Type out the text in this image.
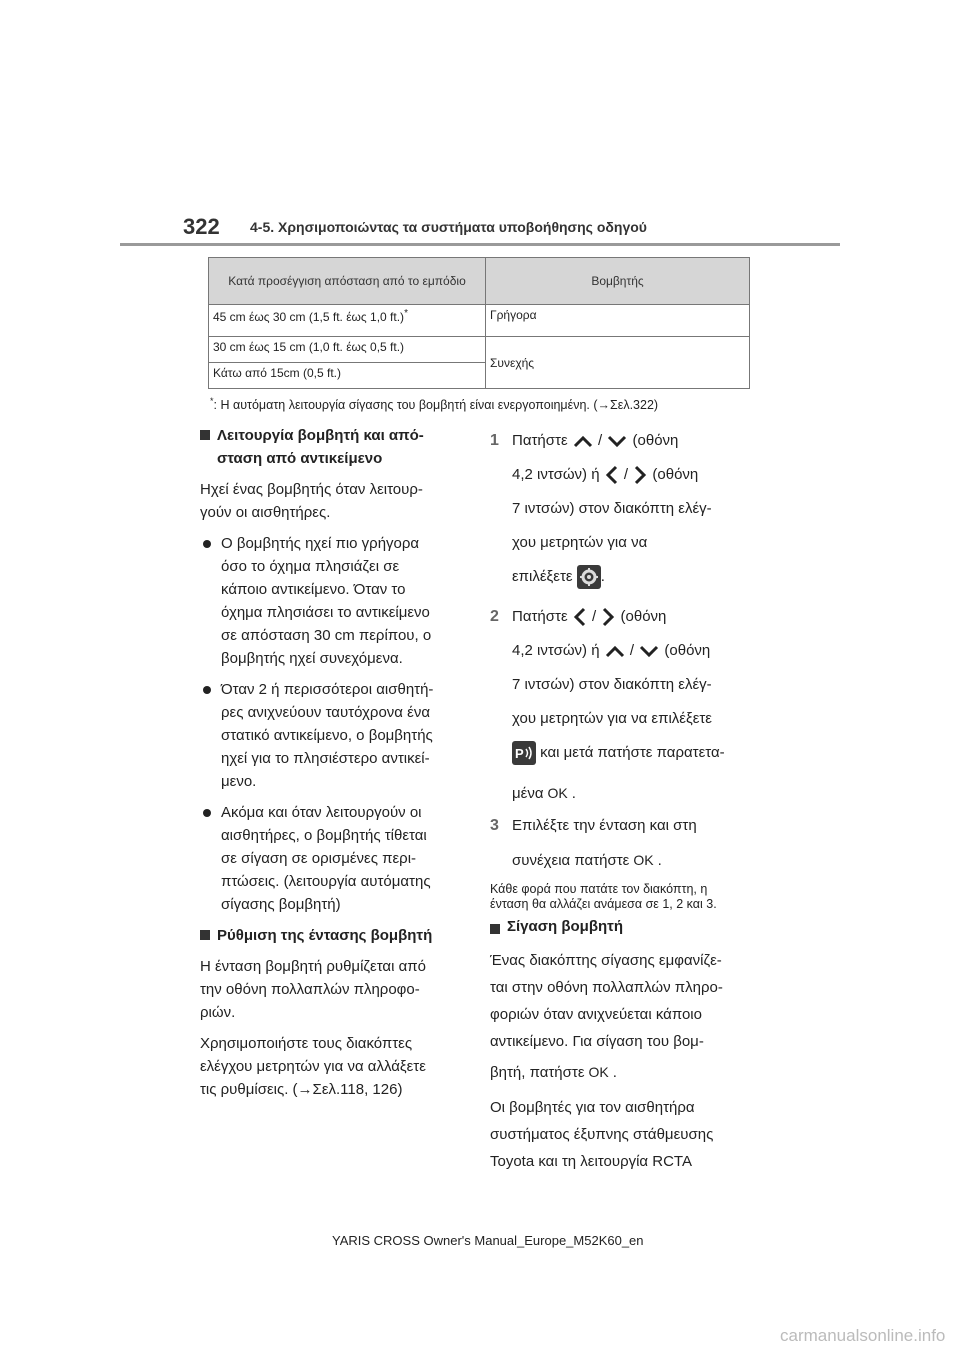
322 4-5. Χρησιμοποιώντας τα συστήματα υποβοήθησης οδηγού
Κατά προσέγγιση απόσταση από το εμπόδιο	Βομβητής
45 cm έως 30 cm (1,5 ft. έως 1,0 ft.)*	Γρήγορα
30 cm έως 15 cm (1,0 ft. έως 0,5 ft.)	Συνεχής
Κάτω από 15cm (0,5 ft.)	
*: Η αυτόματη λειτουργία σίγασης του βομβητή είναι ενεργοποιημένη. (→Σελ.322)
Λειτουργία βομβητή και από-
σταση από αντικείμενο

Ηχεί ένας βομβητής όταν λειτουρ-
γούν οι αισθητήρες.

Ο βομβητής ηχεί πιο γρήγορα
όσο το όχημα πλησιάζει σε
κάποιο αντικείμενο. Όταν το
όχημα πλησιάσει το αντικείμενο
σε απόσταση 30 cm περίπου, ο
βομβητής ηχεί συνεχόμενα.
Όταν 2 ή περισσότεροι αισθητή-
ρες ανιχνεύουν ταυτόχρονα ένα
στατικό αντικείμενο, ο βομβητής
ηχεί για το πλησιέστερο αντικεί-
μενο.
Ακόμα και όταν λειτουργούν οι
αισθητήρες, ο βομβητής τίθεται
σε σίγαση σε ορισμένες περι-
πτώσεις. (λειτουργία αυτόματης
σίγασης βομβητή)
Ρύθμιση της έντασης βομβητή

Η ένταση βομβητή ρυθμίζεται από
την οθόνη πολλαπλών πληροφο-
ριών.

Χρησιμοποιήστε τους διακόπτες
ελέγχου μετρητών για να αλλάξετε
τις ρυθμίσεις. (→Σελ.118, 126)

1 Πατήστε / (οθόνη
4,2 ιντσών) ή / (οθόνη
7 ιντσών) στον διακόπτη ελέγ-
χου μετρητών για να
επιλέξετε .
2 Πατήστε / (οθόνη
4,2 ιντσών) ή / (οθόνη
7 ιντσών) στον διακόπτη ελέγ-
χου μετρητών για να επιλέξετε
P και μετά πατήστε παρατετα-
μένα OK .
3 Επιλέξτε την ένταση και στη
συνέχεια πατήστε OK .

Κάθε φορά που πατάτε τον διακόπτη, η
ένταση θα αλλάζει ανάμεσα σε 1, 2 και 3.

Σίγαση βομβητή

Ένας διακόπτης σίγασης εμφανίζε-
ται στην οθόνη πολλαπλών πληρο-
φοριών όταν ανιχνεύεται κάποιο
αντικείμενο. Για σίγαση του βομ-
βητή, πατήστε OK .

Οι βομβητές για τον αισθητήρα
συστήματος έξυπνης στάθμευσης
Toyota και τη λειτουργία RCTA

YARIS CROSS Owner's Manual_Europe_M52K60_en
carmanualsonline.info
